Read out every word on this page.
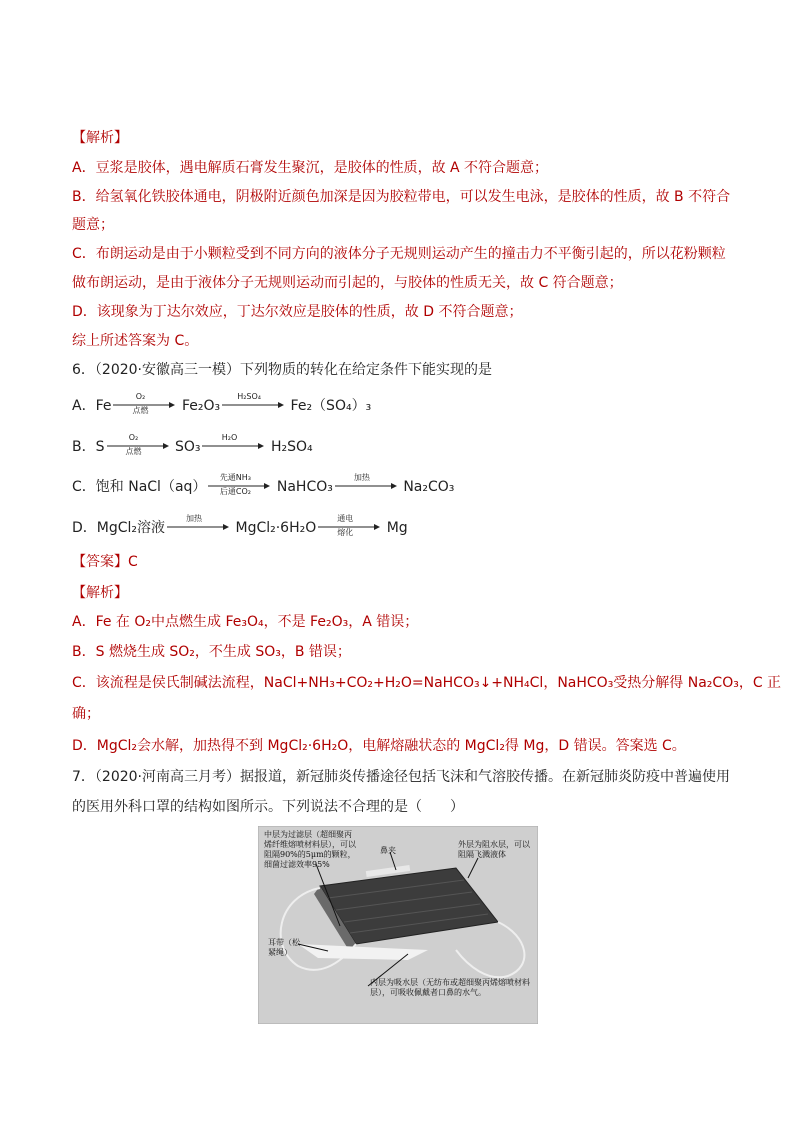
【解析】
A．豆浆是胶体，遇电解质石膏发生聚沉，是胶体的性质，故 A 不符合题意；
B．给氢氧化铁胶体通电，阴极附近颜色加深是因为胶粒带电，可以发生电泳，是胶体的性质，故 B 不符合
题意；
C．布朗运动是由于小颗粒受到不同方向的液体分子无规则运动产生的撞击力不平衡引起的，所以花粉颗粒
做布朗运动，是由于液体分子无规则运动而引起的，与胶体的性质无关，故 C 符合题意；
D．该现象为丁达尔效应，丁达尔效应是胶体的性质，故 D 不符合题意；
综上所述答案为 C。
6．（2020·安徽高三一模）下列物质的转化在给定条件下能实现的是
A．Fe
O₂
点燃	Fe₂O₃
H₂SO₄
Fe₂（SO₄）₃
B．S
O₂
点燃	SO₃
H₂O
H₂SO₄
C．饱和 NaCl（aq）
先通NH₃
后通CO₂	NaHCO₃
加热
Na₂CO₃
D．MgCl₂溶液
加热
MgCl₂·6H₂O
通电
熔化	Mg
【答案】C
【解析】
A．Fe 在 O₂中点燃生成 Fe₃O₄，不是 Fe₂O₃，A 错误；
B．S 燃烧生成 SO₂，不生成 SO₃，B 错误；
C．该流程是侯氏制碱法流程，NaCl+NH₃+CO₂+H₂O=NaHCO₃↓+NH₄Cl，NaHCO₃受热分解得 Na₂CO₃，C 正
确；
D．MgCl₂会水解，加热得不到 MgCl₂·6H₂O，电解熔融状态的 MgCl₂得 Mg，D 错误。答案选 C。
7．（2020·河南高三月考）据报道，新冠肺炎传播途径包括飞沫和气溶胶传播。在新冠肺炎防疫中普遍使用
的医用外科口罩的结构如图所示。下列说法不合理的是（　　）
中层为过滤层（超细聚丙烯纤维熔喷材料层），可以阻隔90%的5μm的颗粒，细菌过滤效率95%
鼻夹
外层为阻水层，可以阻隔飞溅液体
耳带（松紧绳）
内层为吸水层（无纺布或超细聚丙烯熔喷材料层），可吸收佩戴者口鼻的水气。
